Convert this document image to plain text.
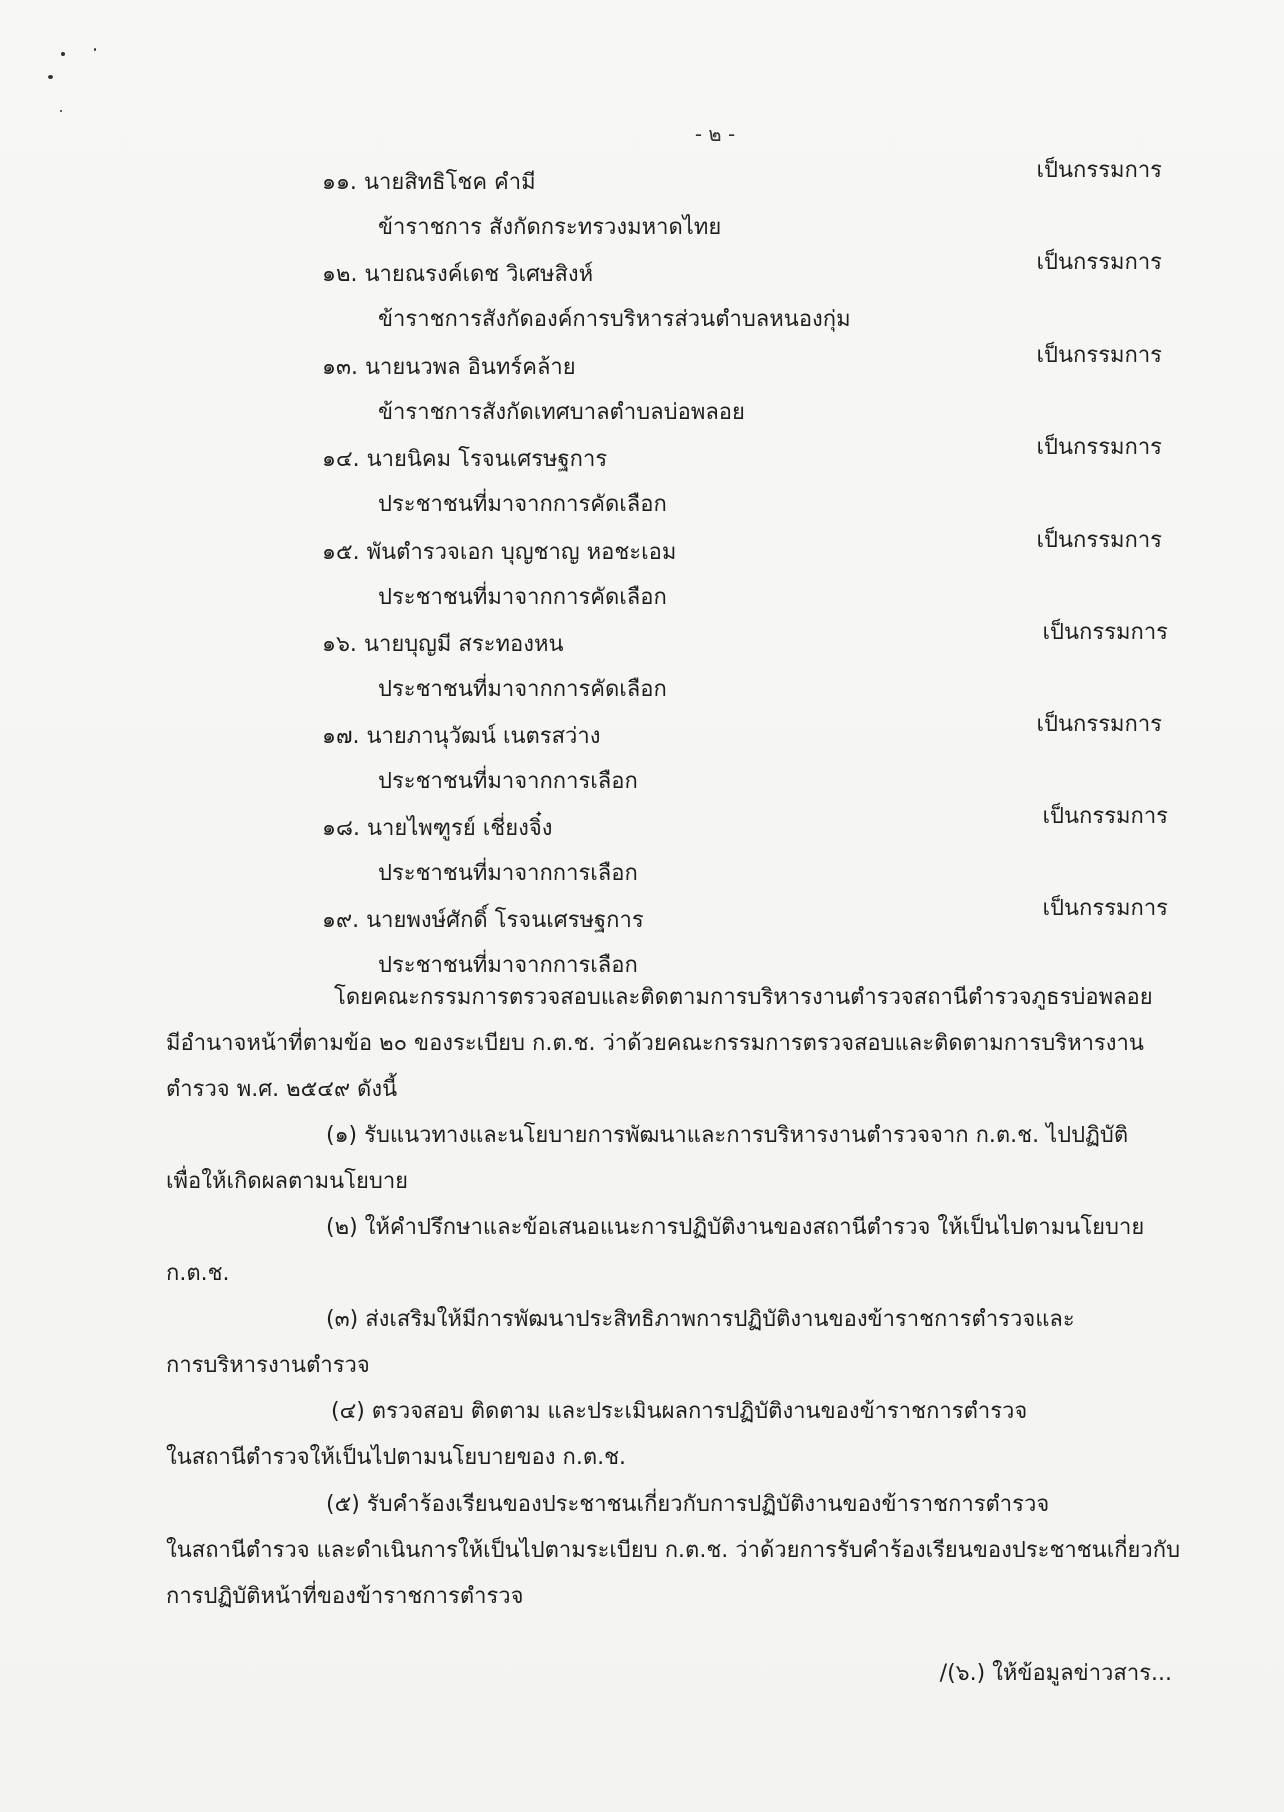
- ๒ -
๑๑. นายสิทธิโชค คำมี
ข้าราชการ สังกัดกระทรวงมหาดไทย
เป็นกรรมการ
๑๒. นายณรงค์เดช วิเศษสิงห์
ข้าราชการสังกัดองค์การบริหารส่วนตำบลหนองกุ่ม
เป็นกรรมการ
๑๓. นายนวพล อินทร์คล้าย
ข้าราชการสังกัดเทศบาลตำบลบ่อพลอย
เป็นกรรมการ
๑๔. นายนิคม โรจนเศรษฐการ
ประชาชนที่มาจากการคัดเลือก
เป็นกรรมการ
๑๕. พันตำรวจเอก บุญชาญ หอชะเอม
ประชาชนที่มาจากการคัดเลือก
เป็นกรรมการ
๑๖. นายบุญมี สระทองหน
ประชาชนที่มาจากการคัดเลือก
เป็นกรรมการ
๑๗. นายภานุวัฒน์ เนตรสว่าง
ประชาชนที่มาจากการเลือก
เป็นกรรมการ
๑๘. นายไพฑูรย์ เชี่ยงจิ๋ง
ประชาชนที่มาจากการเลือก
เป็นกรรมการ
๑๙. นายพงษ์ศักดิ์ โรจนเศรษฐการ
ประชาชนที่มาจากการเลือก
เป็นกรรมการ
โดยคณะกรรมการตรวจสอบและติดตามการบริหารงานตำรวจสถานีตำรวจภูธรบ่อพลอย
มีอำนาจหน้าที่ตามข้อ ๒๐ ของระเบียบ ก.ต.ช. ว่าด้วยคณะกรรมการตรวจสอบและติดตามการบริหารงาน
ตำรวจ พ.ศ. ๒๕๔๙ ดังนี้
(๑) รับแนวทางและนโยบายการพัฒนาและการบริหารงานตำรวจจาก ก.ต.ช. ไปปฏิบัติ
เพื่อให้เกิดผลตามนโยบาย
(๒) ให้คำปรึกษาและข้อเสนอแนะการปฏิบัติงานของสถานีตำรวจ ให้เป็นไปตามนโยบาย
ก.ต.ช.
(๓) ส่งเสริมให้มีการพัฒนาประสิทธิภาพการปฏิบัติงานของข้าราชการตำรวจและ
การบริหารงานตำรวจ
(๔) ตรวจสอบ ติดตาม และประเมินผลการปฏิบัติงานของข้าราชการตำรวจ
ในสถานีตำรวจให้เป็นไปตามนโยบายของ ก.ต.ช.
(๕) รับคำร้องเรียนของประชาชนเกี่ยวกับการปฏิบัติงานของข้าราชการตำรวจ
ในสถานีตำรวจ และดำเนินการให้เป็นไปตามระเบียบ ก.ต.ช. ว่าด้วยการรับคำร้องเรียนของประชาชนเกี่ยวกับ
การปฏิบัติหน้าที่ของข้าราชการตำรวจ
/(๖.) ให้ข้อมูลข่าวสาร...
